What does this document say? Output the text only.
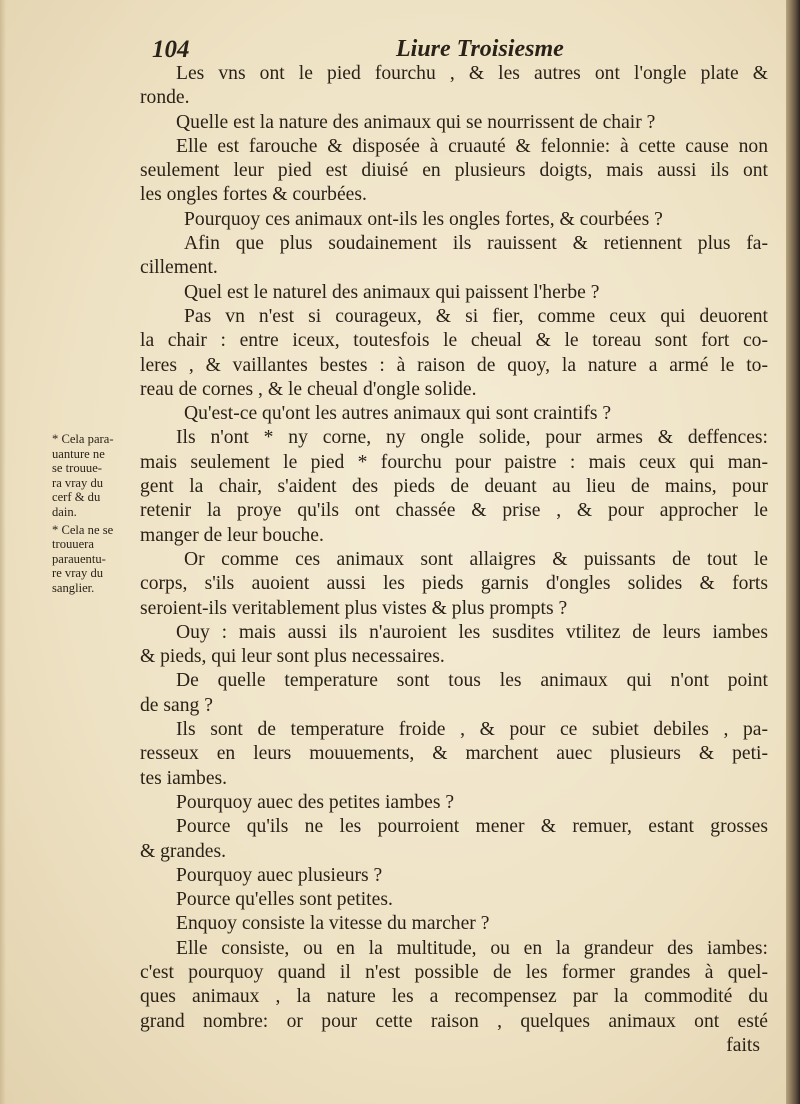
104	Liure Troisiesme
Les vns ont le pied fourchu , & les autres ont l'ongle plate &
ronde.
Quelle est la nature des animaux qui se nourrissent de chair ?
Elle est farouche & disposée à cruauté & felonnie: à cette cause non
seulement leur pied est diuisé en plusieurs doigts, mais aussi ils ont
les ongles fortes & courbées.
Pourquoy ces animaux ont-ils les ongles fortes, & courbées ?
Afin que plus soudainement ils rauissent & retiennent plus fa-
cillement.
Quel est le naturel des animaux qui paissent l'herbe ?
Pas vn n'est si courageux, & si fier, comme ceux qui deuorent
la chair : entre iceux, toutesfois le cheual & le toreau sont fort co-
leres , & vaillantes bestes : à raison de quoy, la nature a armé le to-
reau de cornes , & le cheual d'ongle solide.
Qu'est-ce qu'ont les autres animaux qui sont craintifs ?
Ils n'ont * ny corne, ny ongle solide, pour armes & deffences:
mais seulement le pied * fourchu pour paistre : mais ceux qui man-
gent la chair, s'aident des pieds de deuant au lieu de mains, pour
retenir la proye qu'ils ont chassée & prise , & pour approcher le
manger de leur bouche.
Or comme ces animaux sont allaigres & puissants de tout le
corps, s'ils auoient aussi les pieds garnis d'ongles solides & forts
seroient-ils veritablement plus vistes & plus prompts ?
Ouy : mais aussi ils n'auroient les susdites vtilitez de leurs iambes
& pieds, qui leur sont plus necessaires.
De quelle temperature sont tous les animaux qui n'ont point
de sang ?
Ils sont de temperature froide , & pour ce subiet debiles , pa-
resseux en leurs mouuements, & marchent auec plusieurs & peti-
tes iambes.
Pourquoy auec des petites iambes ?
Pource qu'ils ne les pourroient mener & remuer, estant grosses
& grandes.
Pourquoy auec plusieurs ?
Pource qu'elles sont petites.
Enquoy consiste la vitesse du marcher ?
Elle consiste, ou en la multitude, ou en la grandeur des iambes:
c'est pourquoy quand il n'est possible de les former grandes à quel-
ques animaux , la nature les a recompensez par la commodité du
grand nombre: or pour cette raison , quelques animaux ont esté
faits
* Cela para-
uanture ne
se trouue-
ra vray du
cerf & du
dain.
* Cela ne se
trouuera
parauentu-
re vray du
sanglier.
